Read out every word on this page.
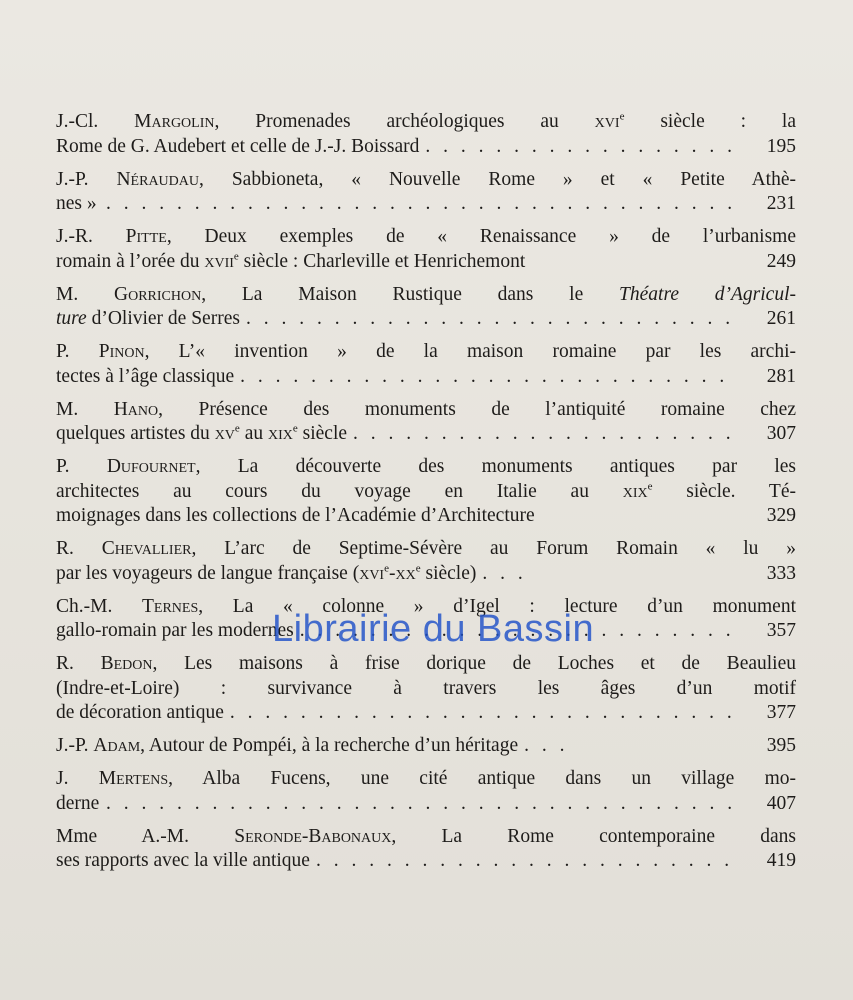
J.-Cl. Margolin, Promenades archéologiques au xvi$^e$ siècle : la
Rome de G. Audebert et celle de J.-J. Boissard . . .	195
J.-P. Néraudau, Sabbioneta, « Nouvelle Rome » et « Petite Athè-
nes » . . .	231
J.-R. Pitte, Deux exemples de « Renaissance » de l’urbanisme
romain à l’orée du xvii$^e$ siècle : Charleville et Henrichemont	249
M. Gorrichon, La Maison Rustique dans le Théatre d’Agricul-
ture d’Olivier de Serres . . .	261
P. Pinon, L’« invention » de la maison romaine par les archi-
tectes à l’âge classique . . .	281
M. Hano, Présence des monuments de l’antiquité romaine chez
quelques artistes du $xv^e$ au xix$^e$ siècle . . .	307
P. Dufournet, La découverte des monuments antiques par les
architectes au cours du voyage en Italie au xix$^e$ siècle. Té-
moignages dans les collections de l’Académie d’Architecture	329
R. Chevallier, L’arc de Septime-Sévère au Forum Romain « lu »
par les voyageurs de langue française ($xvi^e-xx^e$ siècle) . . .	333
Ch.-M. Ternes, La « colonne » d’Igel : lecture d’un monument
gallo-romain par les modernes . . .	357
R. Bedon, Les maisons à frise dorique de Loches et de Beaulieu
(Indre-et-Loire) : survivance à travers les âges d’un motif
de décoration antique . . .	377
J.-P. Adam, Autour de Pompéi, à la recherche d’un héritage . . .	395
J. Mertens, Alba Fucens, une cité antique dans un village mo-
derne . . .	407
Mme A.-M. Seronde-Babonaux, La Rome contemporaine dans
ses rapports avec la ville antique . . .	419
Librairie du Bassin
